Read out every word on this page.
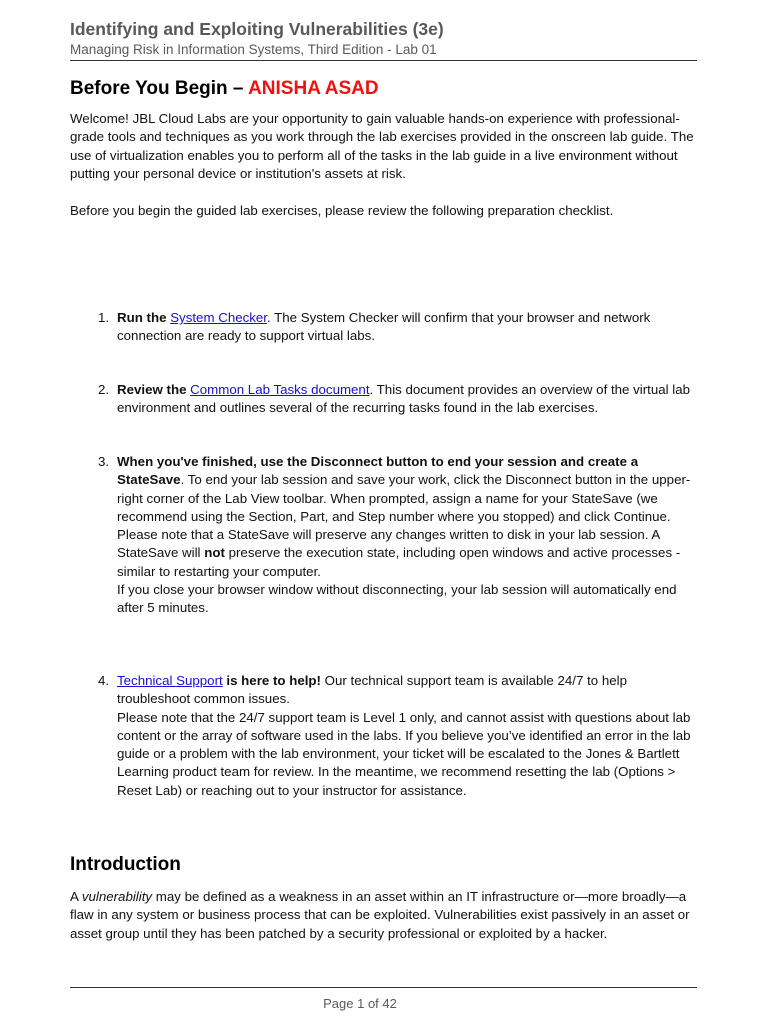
Identifying and Exploiting Vulnerabilities (3e)
Managing Risk in Information Systems, Third Edition - Lab 01
Before You Begin – ANISHA ASAD

Welcome! JBL Cloud Labs are your opportunity to gain valuable hands-on experience with professional-grade tools and techniques as you work through the lab exercises provided in the onscreen lab guide. The use of virtualization enables you to perform all of the tasks in the lab guide in a live environment without putting your personal device or institution's assets at risk.

Before you begin the guided lab exercises, please review the following preparation checklist.

1. Run the System Checker. The System Checker will confirm that your browser and network connection are ready to support virtual labs.

2. Review the Common Lab Tasks document. This document provides an overview of the virtual lab environment and outlines several of the recurring tasks found in the lab exercises.

3. When you've finished, use the Disconnect button to end your session and create a StateSave. To end your lab session and save your work, click the Disconnect button in the upper-right corner of the Lab View toolbar. When prompted, assign a name for your StateSave (we recommend using the Section, Part, and Step number where you stopped) and click Continue. Please note that a StateSave will preserve any changes written to disk in your lab session. A StateSave will not preserve the execution state, including open windows and active processes - similar to restarting your computer.

If you close your browser window without disconnecting, your lab session will automatically end after 5 minutes.

4. Technical Support is here to help! Our technical support team is available 24/7 to help troubleshoot common issues.

Please note that the 24/7 support team is Level 1 only, and cannot assist with questions about lab content or the array of software used in the labs. If you believe you’ve identified an error in the lab guide or a problem with the lab environment, your ticket will be escalated to the Jones & Bartlett Learning product team for review. In the meantime, we recommend resetting the lab (Options > Reset Lab) or reaching out to your instructor for assistance.

Introduction

A vulnerability may be defined as a weakness in an asset within an IT infrastructure or—more broadly—a flaw in any system or business process that can be exploited. Vulnerabilities exist passively in an asset or asset group until they has been patched by a security professional or exploited by a hacker.

Page 1 of 42
